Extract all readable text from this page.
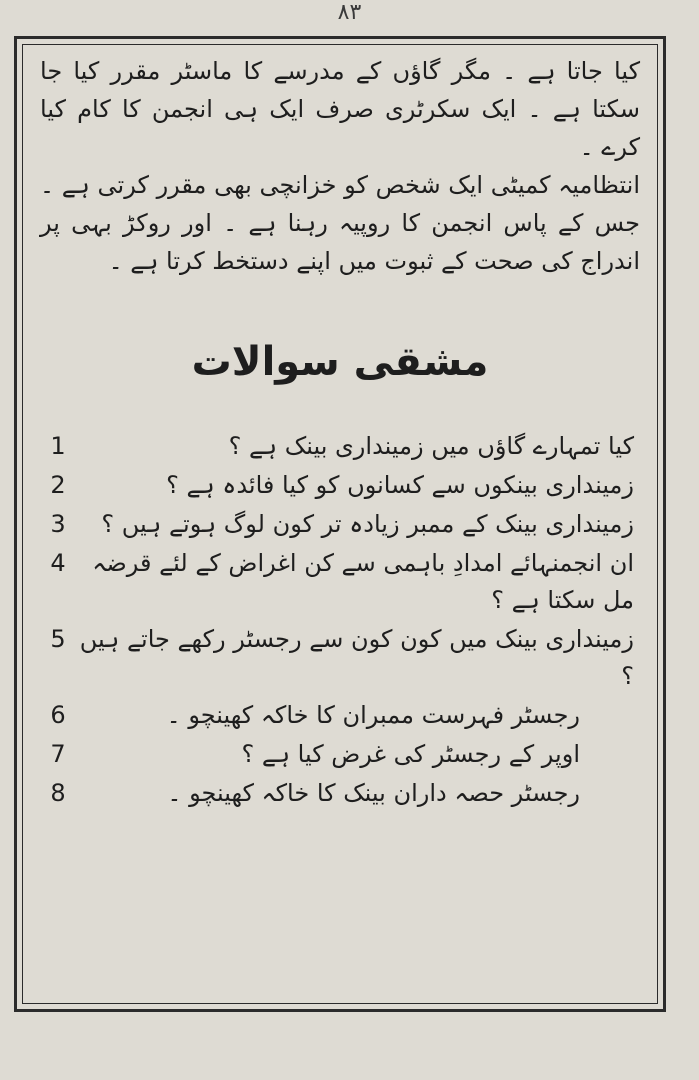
۸۳

کیا جاتا ہے ۔ مگر گاؤں کے مدرسے کا ماسٹر مقرر کیا جا سکتا ہے ۔ ایک سکرٹری صرف ایک ہی انجمن کا کام کیا کرے ۔

انتظامیہ کمیٹی ایک شخص کو خزانچی بھی مقرر کرتی ہے ۔ جس کے پاس انجمن کا روپیہ رہنا ہے ۔ اور روکڑ بہی پر اندراج کی صحت کے ثبوت میں اپنے دستخط کرتا ہے ۔

مشقی سوالات
کیا تمہارے گاؤں میں زمینداری بینک ہے ؟
1
زمینداری بینکوں سے کسانوں کو کیا فائدہ ہے ؟
2
زمینداری بینک کے ممبر زیادہ تر کون لوگ ہوتے ہیں ؟
3
ان انجمنہائے امدادِ باہمی سے کن اغراض کے لئے قرضہ مل سکتا ہے ؟
4
زمینداری بینک میں کون کون سے رجسٹر رکھے جاتے ہیں ؟
5
رجسٹر فہرست ممبران کا خاکہ کھینچو ۔
6
اوپر کے رجسٹر کی غرض کیا ہے ؟
7
رجسٹر حصہ داران بینک کا خاکہ کھینچو ۔
8
